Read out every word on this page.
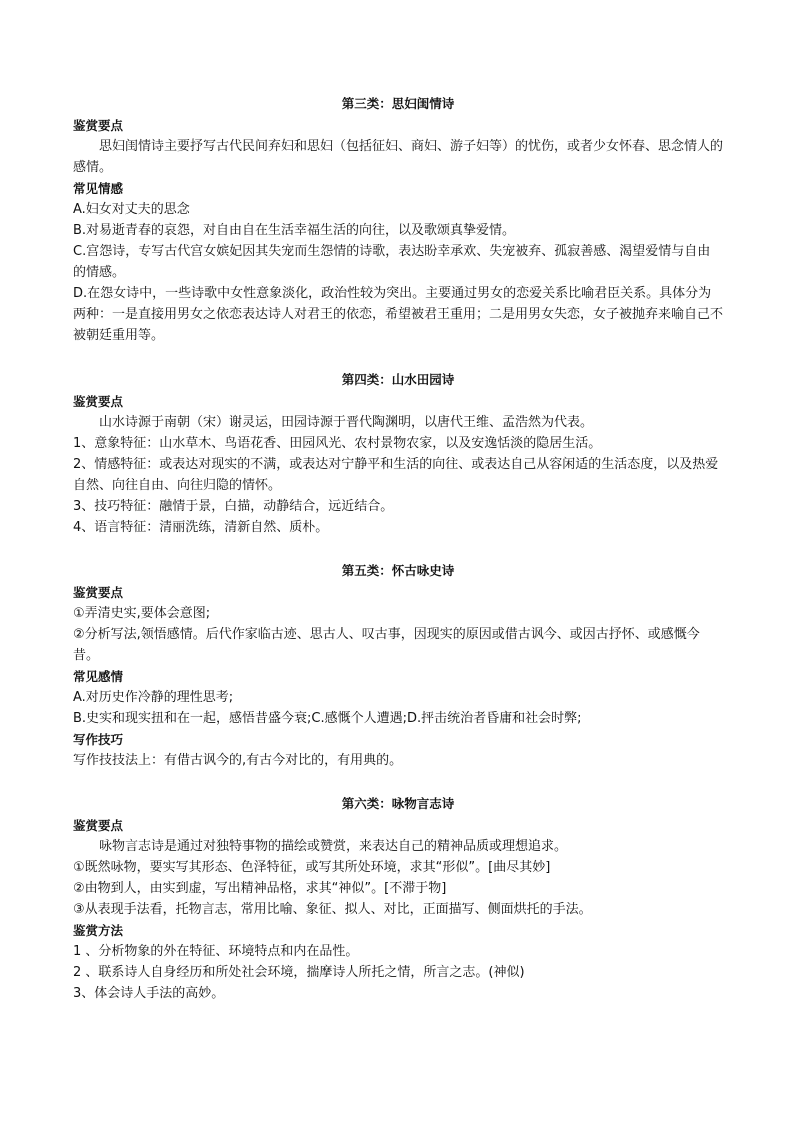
第三类：思妇闺情诗
鉴赏要点
思妇闺情诗主要抒写古代民间弃妇和思妇（包括征妇、商妇、游子妇等）的忧伤，或者少女怀春、思念情人的感情。
常见情感
A.妇女对丈夫的思念
B.对易逝青春的哀怨，对自由自在生活幸福生活的向往，以及歌颂真挚爱情。
C.宫怨诗，专写古代宫女嫔妃因其失宠而生怨情的诗歌，表达盼幸承欢、失宠被弃、孤寂善感、渴望爱情与自由的情感。
D.在怨女诗中，一些诗歌中女性意象淡化，政治性较为突出。主要通过男女的恋爱关系比喻君臣关系。具体分为两种：一是直接用男女之依恋表达诗人对君王的依恋，希望被君王重用；二是用男女失恋，女子被抛弃来喻自己不被朝廷重用等。
第四类：山水田园诗
鉴赏要点
山水诗源于南朝（宋）谢灵运，田园诗源于晋代陶渊明，以唐代王维、孟浩然为代表。
1、意象特征：山水草木、鸟语花香、田园风光、农村景物农家，以及安逸恬淡的隐居生活。
2、情感特征：或表达对现实的不满，或表达对宁静平和生活的向往、或表达自己从容闲适的生活态度，以及热爱自然、向往自由、向往归隐的情怀。
3、技巧特征：融情于景，白描，动静结合，远近结合。
4、语言特征：清丽洗练，清新自然、质朴。
第五类：怀古咏史诗
鉴赏要点
①弄清史实,要体会意图;
②分析写法,领悟感情。后代作家临古迹、思古人、叹古事，因现实的原因或借古讽今、或因古抒怀、或感慨今昔。
常见感情
A.对历史作冷静的理性思考;
B.史实和现实扭和在一起，感悟昔盛今衰;C.感慨个人遭遇;D.抨击统治者昏庸和社会时弊;
写作技巧
写作技技法上：有借古讽今的,有古今对比的，有用典的。
第六类：咏物言志诗
鉴赏要点
咏物言志诗是通过对独特事物的描绘或赞赏，来表达自己的精神品质或理想追求。
①既然咏物，要实写其形态、色泽特征，或写其所处环境，求其“形似”。[曲尽其妙]
②由物到人，由实到虚，写出精神品格，求其“神似”。[不滞于物]
③从表现手法看，托物言志，常用比喻、象征、拟人、对比，正面描写、侧面烘托的手法。
鉴赏方法
1 、分析物象的外在特征、环境特点和内在品性。
2 、联系诗人自身经历和所处社会环境，揣摩诗人所托之情，所言之志。(神似)
3、体会诗人手法的高妙。
